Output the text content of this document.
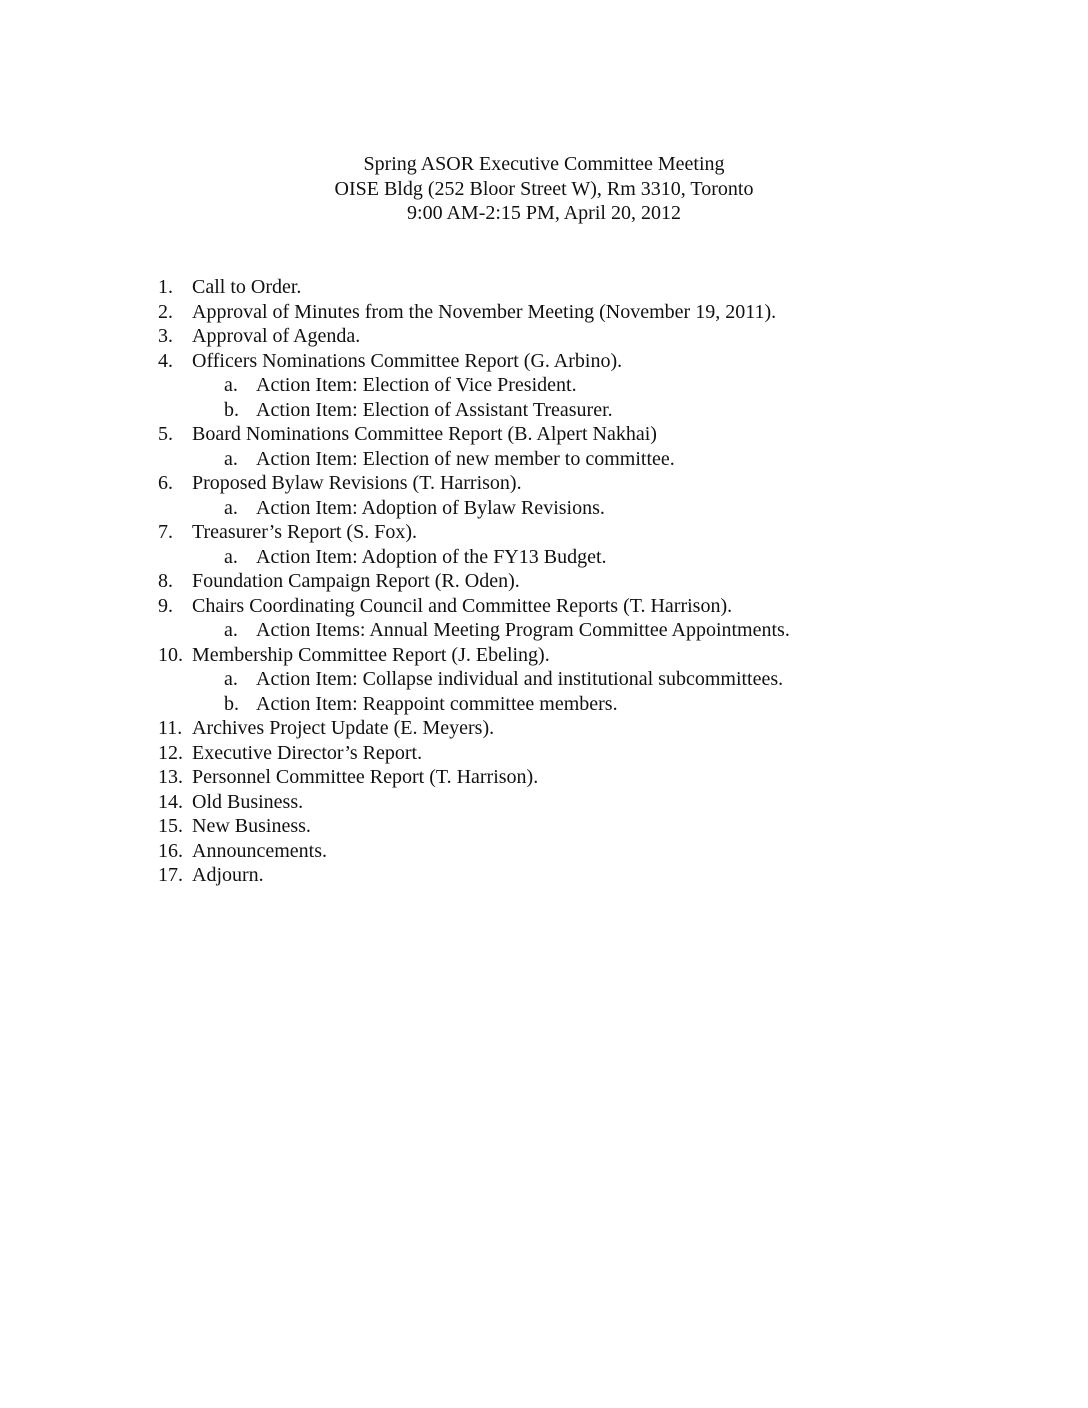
Spring ASOR Executive Committee Meeting
OISE Bldg (252 Bloor Street W), Rm 3310, Toronto
9:00 AM-2:15 PM, April 20, 2012
1. Call to Order.
2. Approval of Minutes from the November Meeting (November 19, 2011).
3. Approval of Agenda.
4. Officers Nominations Committee Report (G. Arbino).
a. Action Item: Election of Vice President.
b. Action Item: Election of Assistant Treasurer.
5. Board Nominations Committee Report (B. Alpert Nakhai)
a. Action Item: Election of new member to committee.
6. Proposed Bylaw Revisions (T. Harrison).
a. Action Item: Adoption of Bylaw Revisions.
7. Treasurer’s Report (S. Fox).
a. Action Item: Adoption of the FY13 Budget.
8. Foundation Campaign Report (R. Oden).
9. Chairs Coordinating Council and Committee Reports (T. Harrison).
a. Action Items: Annual Meeting Program Committee Appointments.
10. Membership Committee Report (J. Ebeling).
a. Action Item: Collapse individual and institutional subcommittees.
b. Action Item: Reappoint committee members.
11. Archives Project Update (E. Meyers).
12. Executive Director’s Report.
13. Personnel Committee Report (T. Harrison).
14. Old Business.
15. New Business.
16. Announcements.
17. Adjourn.
